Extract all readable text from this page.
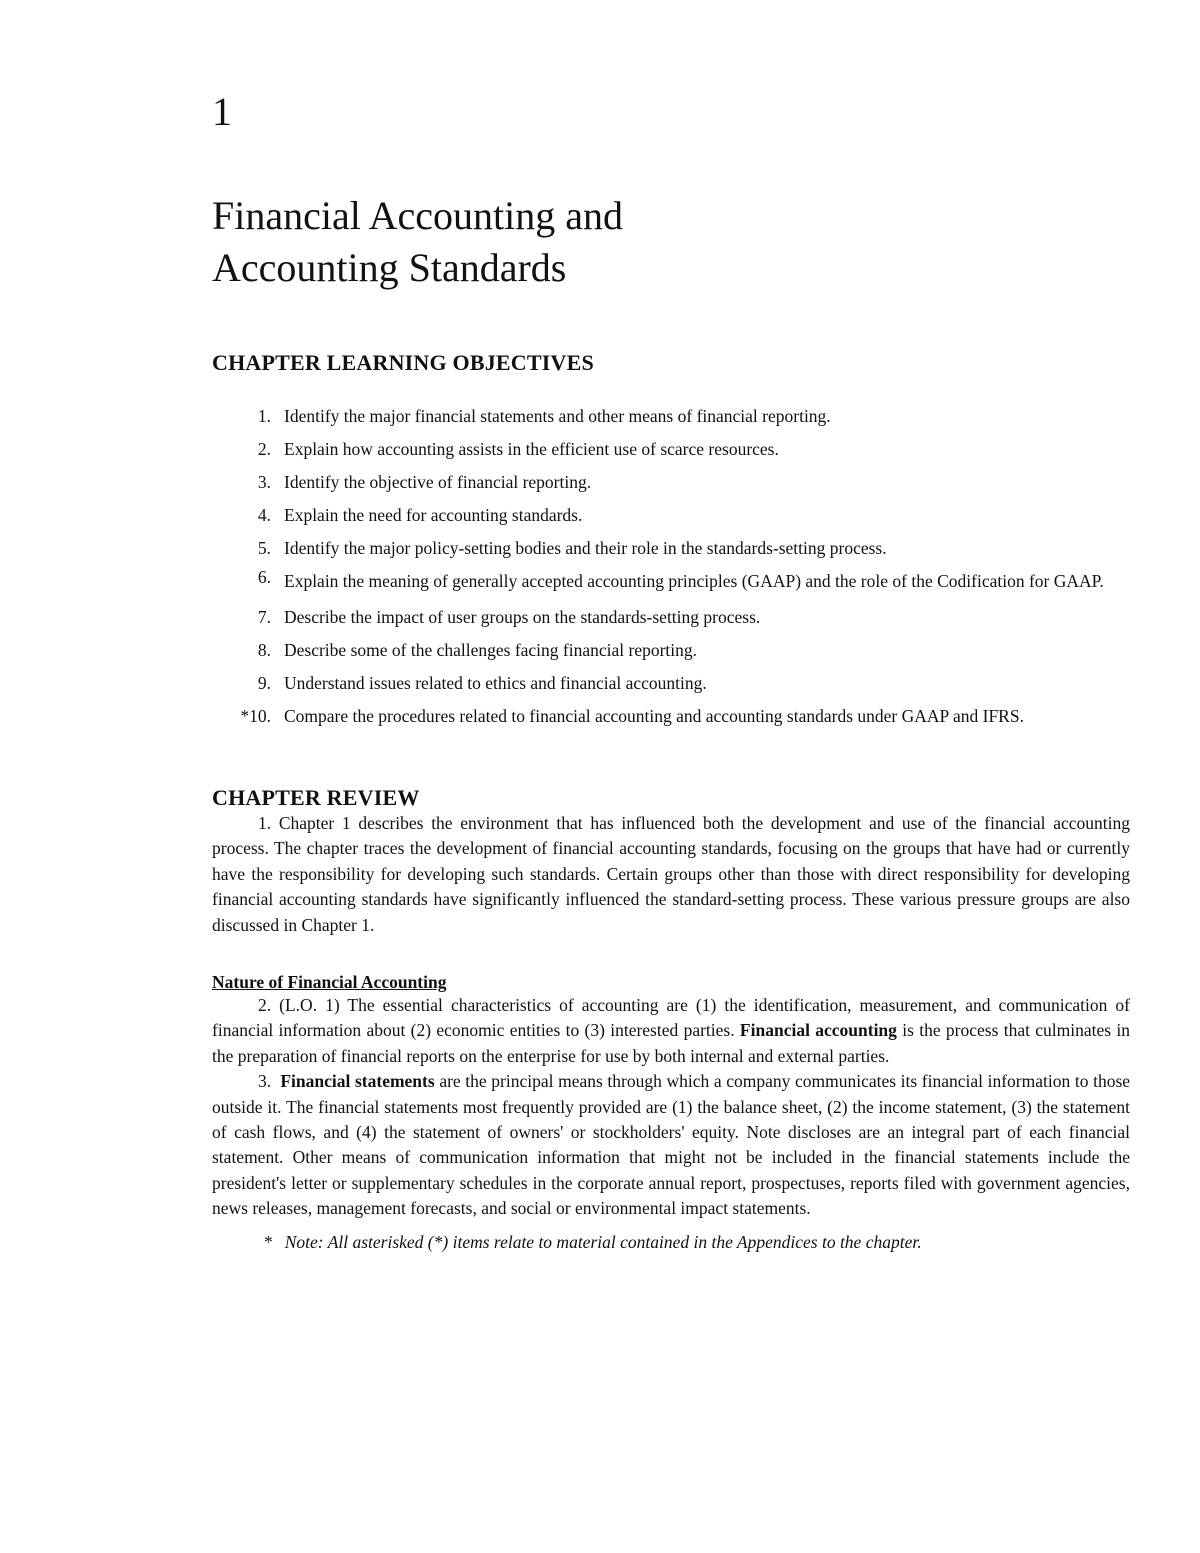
1
Financial Accounting and
Accounting Standards
CHAPTER LEARNING OBJECTIVES
1. Identify the major financial statements and other means of financial reporting.
2. Explain how accounting assists in the efficient use of scarce resources.
3. Identify the objective of financial reporting.
4. Explain the need for accounting standards.
5. Identify the major policy-setting bodies and their role in the standards-setting process.
6. Explain the meaning of generally accepted accounting principles (GAAP) and the role of the Codification for GAAP.
7. Describe the impact of user groups on the standards-setting process.
8. Describe some of the challenges facing financial reporting.
9. Understand issues related to ethics and financial accounting.
*10. Compare the procedures related to financial accounting and accounting standards under GAAP and IFRS.
CHAPTER REVIEW

1. Chapter 1 describes the environment that has influenced both the development and use of the financial accounting process. The chapter traces the development of financial accounting standards, focusing on the groups that have had or currently have the responsibility for developing such standards. Certain groups other than those with direct responsibility for developing financial accounting standards have significantly influenced the standard-setting process. These various pressure groups are also discussed in Chapter 1.

Nature of Financial Accounting

2. (L.O. 1) The essential characteristics of accounting are (1) the identification, measurement, and communication of financial information about (2) economic entities to (3) interested parties. Financial accounting is the process that culminates in the preparation of financial reports on the enterprise for use by both internal and external parties.

3. Financial statements are the principal means through which a company communicates its financial information to those outside it. The financial statements most frequently provided are (1) the balance sheet, (2) the income statement, (3) the statement of cash flows, and (4) the statement of owners' or stockholders' equity. Note discloses are an integral part of each financial statement. Other means of communication information that might not be included in the financial statements include the president's letter or supplementary schedules in the corporate annual report, prospectuses, reports filed with government agencies, news releases, management forecasts, and social or environmental impact statements.

* Note: All asterisked (*) items relate to material contained in the Appendices to the chapter.
